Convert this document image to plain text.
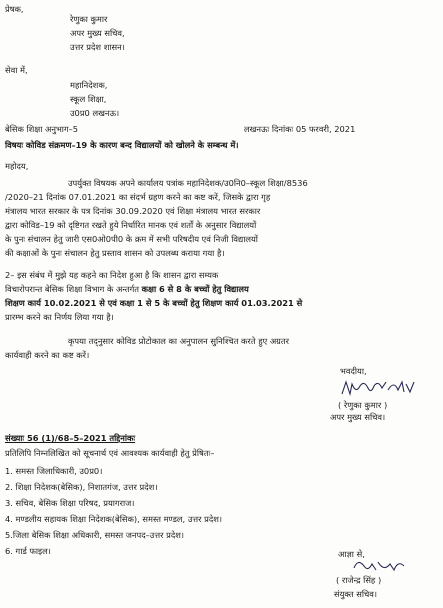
प्रेषक,
रेणुका कुमार
अपर मुख्य सचिव,
उत्तर प्रदेश शासन।
सेवा में,
महानिदेशक,
स्कूल शिक्षा,
उ0प्र0 लखनऊ।
बेसिक शिक्षा अनुभाग–5	लखनऊः दिनांकः 05 फरवरी, 2021
विषयः कोविड संक्रमण–19 के कारण बन्द विद्यालयों को खोलने के सम्बन्ध में।
महोदय,
उपर्युक्त विषयक अपने कार्यालय पत्रांक महानिदेशक/उ0नि0–स्कूल शिक्षा/8536
/2020–21 दिनांक 07.01.2021 का संदर्भ ग्रहण करने का कष्ट करें, जिसके द्वारा गृह
मंत्रालय भारत सरकार के पत्र दिनांक 30.09.2020 एवं शिक्षा मंत्रालय भारत सरकार
द्वारा कोविड–19 को दृष्टिगत रखते हुये निर्धारित मानक एवं शर्तों के अनुसार विद्यालयों
के पुनः संचालन हेतु जारी एस0ओ0पी0 के क्रम में सभी परिषदीय एवं निजी विद्यालयों
की कक्षाओं के पुनः संचालन हेतु प्रस्ताव शासन को उपलब्ध कराया गया है।
2– इस संबंध में मुझे यह कहने का निदेश हुआ है कि शासन द्वारा सम्यक
विचारोपरान्त बेसिक शिक्षा विभाग के अन्तर्गत कक्षा 6 से 8 के बच्चों हेतु विद्यालय
शिक्षण कार्य 10.02.2021 से एवं कक्षा 1 से 5 के बच्चों हेतु शिक्षण कार्य 01.03.2021 से
प्रारम्भ करने का निर्णय लिया गया है।
कृपया तद्नुसार कोविड प्रोटोकाल का अनुपालन सुनिश्चित करते हुए अग्रतर
कार्यवाही करने का कष्ट करें।
भवदीया,
( रेणुका कुमार )
अपर मुख्य सचिव।
संख्याः 56 (1)/68–5–2021 तद्दिनांकः
प्रतिलिपि निम्नलिखित को सूचनार्थ एवं आवश्यक कार्यवाही हेतु प्रेषितः–
1. समस्त जिलाधिकारी, उ0प्र0।
2. शिक्षा निदेशक(बेसिक), निशातगंज, उत्तर प्रदेश।
3. सचिव, बेसिक शिक्षा परिषद, प्रयागराज।
4. मण्डलीय सहायक शिक्षा निदेशक(बेसिक), समस्त मण्डल, उत्तर प्रदेश।
5.जिला बेसिक शिक्षा अधिकारी, समस्त जनपद–उत्तर प्रदेश।
6. गार्ड फाइल।	आज्ञा से,
( राजेन्द्र सिंह )
संयुक्त सचिव।
